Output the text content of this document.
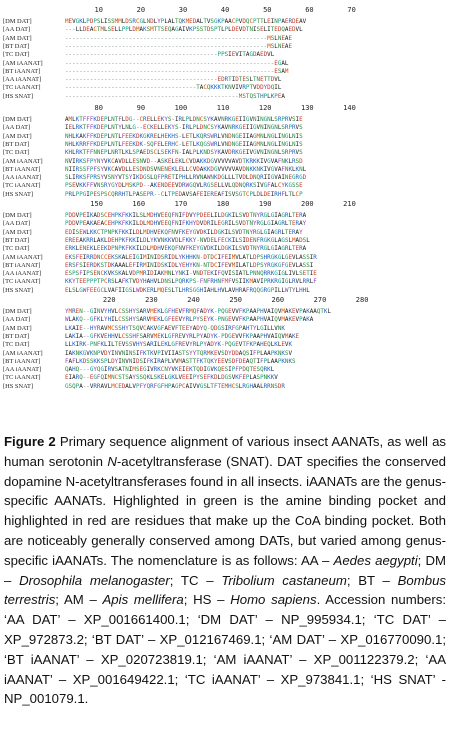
10        20        30        40        50        60        70
[DM DAT]	MEVGKLPDPSLISSMMLDSRCGLNDLYPLALTQKMEDALTVSGKPAACPVDQCPTTLEINPAERDEAV
[AA DAT]	---LLDEACTMLSELLPPLDMAKSMTTSEQAGAIVKPSSTDSPTLPLDEVDTNISELITEDQAEDVL
[AM DAT]	---------------------------------------------------------MSLNEAE
[BT DAT]	---------------------------------------------------------MSLNEAE
[TC DAT]	-------------------------------------------PPSIEVITAGDAEDVL
[AM iAANAT]	-----------------------------------------------------------EGAL
[BT iAANAT]	-----------------------------------------------------------ESAM
[AA iAANAT]	-------------------------------------------EDRTIDTESLTNETTDVL
[TC iAANAT]	-------------------------------------TACQKKKTKNVIVRPTVDDYDQIL
[HS SNAT]	-------------------------------------------------MSTQSTHPLKPEA
80        90       100       110       120       130       140
[DM DAT]	AMLKTFFFKDEPLNTFLDG--CRELLEKYS-IRLPLDNCSYKAVNRKGEIIGVNINGNLSRPRVSIE
[AA DAT]	IELRKTFFKDEPLNTYLNLG--ECKELLEKYS-IRLPLDNCSYKAVNRKGEIIGVNINGNLSRPRVS
[AM DAT]	NHLKAKFFKDEPLNTLFEEKDKGKRELHEKHS-LETLKQRSWRLVNDNGEIIAGMNLNGLINGLNIS
[BT DAT]	NHLKRRFFKDEPLNTLFEEKDK-SQFELERHC-LETLKQGSWRLVNDNGEIIAGMNLNGLINGLNIS
[TC DAT]	KHLRKTFFNNEPLNRTLKLSPAEDSCLSEKFN-IALPLKNDSYKAVDRKGEIVGVNINGNLSRPRVS
[AM iAANAT]	NVIRKSFPYNYVKCAVDLLESNVD--ASKELEKLCVDAKKDGVVVVVAVDTKRKKIVGVAFNKLRSD
[BT iAANAT]	NIIRSSFPFSYVKCAVDLLESDNDSVNENEKLELLCVDAKKDGVVVVVAVDNKKNKIVGVAFNKLKNL
[AA iAANAT]	SLIRKSFPRSYVSNYVTSYIKDGSLQFPRETIPHLLRVNAWNKDGLLLTVDLDNQRIIGVAINEGRGD
[TC iAANAT]	PSEVKKFFVNSRYGYDLMSKPD--AKENDEEVDRWGQVLRGSELLVLQDNQRKSIVGFALCYKGSSE
[HS SNAT]	PRLPPGIPESPSCQRRHTLPASEPR--CLTPEDAVSAFEIEREAFISVSGTCPLDLDEIRHFLTLCP
150       160       170       180       190       200       210
[DM DAT]	PDDVPEIKADSCEHPKFKKILSLMDHVEEQFNIFDVYPDEELILDGKILSVDTNYRGLGIAGRLTERA
[AA DAT]	PDDVPEAKAEACEHPKFKKILDLMDHVEEQFNIFKHYDVDRILEGRILSVDTNYRGLGIAGRLTERAY
[AM DAT]	EDISEWLKKCTPNPKFKKILDLMDHVEKQFNVFKEYGVDKILDGKILSVDTNYRGLGIAGRLTERAY
[BT DAT]	EREEAKRRLAKLDEHPKFKKILDLYKVNKKVDLFKKY-NVDELFECKILSIDENFRGKGLAGSLMADSL
[TC DAT]	ERKLENEKLEEKDPNPKFKKILDLMDHVEKQFNVFKEYGVDKILDGKILSVDTNYRGLGIAGRLTERA
[AM iAANAT]	EKSFEIRRDNCCEKSKALEIGIMINIDSRIDLYKHHKN-DTDCIFEIMVLATLDPSHRGKGLGEVLASSIR
[BT iAANAT]	ERSFSIERDKSTDKAAALEFIRMINIDSKIDLYEHYKN-NTDCIFEVMILATLDPSYRGKGFGEVLASSI
[AA iAANAT]	ESPSFIPSENCKVKSKALVDPMRIDIAKMNLYNKI-VNDTEKIFQVISIATLPNNQRRKGIGLIVLSETIE
[TC iAANAT]	KKYTEEPPPTPCRSLAFKTVDYHAHVLDNSLPQRKPS-FNFRHNFMFVSIIKMAVIPRKRGIGLRVLRRLF
[HS SNAT]	ELSLGWFEEGCLVAFIIGSLWDKERLMQESLTLHRSGGHIAHLHVLAVHRAFRQQGRGPILLWTYLHHL
220       230       240       250       260       270       280
[DM DAT]	YMREN--GINVYHVLCSSHYSARVMEKLGFHEVFRMQFADYK-PQGEVVFKPAAPHVAIQVMAKEVPAKAAQTKL
[AA DAT]	WLAKQ--GFKLYHILCSSHYSARVMEKLGFEEVYRLPYSEYK-PNGEVVFKPAAPHVAIQVMAKEVPAKA
[AM DAT]	LKAIE--HYRAVMCSSHYTSQVCAKVGFAEVFTEEYADYQ-QDGSIRFGPAHTYLGILLVNK
[BT DAT]	LAKIA--GFKVEHHVLCSSHFSARVMEKLGFREVYRLPYADYK-PDGEVVFKPAAPHVAIQVMAKE
[TC DAT]	LLKIRK-PNFKLILTEVSSVHYSARILEKLGFREVYRLPYADYK-PQGEVTFKPAHEQLKLEVK
[AM iAANAT]	IAKNKGVKNPVDYINVNINSIFKTKVPIVIIASTSYYTQRMKEVSDYDDAQSIFPLAAPKNKSV
[BT iAANAT]	FAFLKDSSKKSPLDYINVNIDSIFKIRAPLVVMASTTFKTQKYEEVSDFDEAQTIFPLAAPKNKS
[AA iAANAT]	QAHQ---GYQGIRVSATNIMSEGIVRKCNYVKEIEKTQDIGVKQESIPFPDQTESQRKL
[TC iAANAT]	EIARQ--EGFQIMNCSTSAYSSQKLSKELGKLVEEIPYSEFKDLDGSVKFEPLASPNKKV
[HS SNAT]	GSQPA--VRRAVLMCEDALVPFYQRFGFHPAGPCAIVVGSLTFTEMHCSLRGHAALRRNSDR
Figure 2 Primary sequence alignment of various insect AANATs, as well as human serotonin N-acetyltransferase (SNAT). DAT specifies the conserved dopamine N-acetyltransferases found in all insects. iAANATs are the genus-specific AANATs. Highlighted in green is the amine binding pocket and highlighted in red are residues that make up the CoA binding pocket. Both are noticeably generally conserved among DATs, but varied among genus-specific iAANATs. The nomenclature is as follows: AA – Aedes aegypti; DM – Drosophila melanogaster; TC – Tribolium castaneum; BT – Bombus terrestris; AM – Apis mellifera; HS – Homo sapiens. Accession numbers: ‘AA DAT’ – XP_001661400.1; ‘DM DAT’ – NP_995934.1; ‘TC DAT’ – XP_972873.2; ‘BT DAT’ – XP_012167469.1; ‘AM DAT’ – XP_016770090.1; ‘BT iAANAT’ – XP_020723819.1; ‘AM iAANAT’ – XP_001122379.2; ‘AA iAANAT’ – XP_001649422.1; ‘TC iAANAT’ – XP_973841.1; ‘HS SNAT’ - NP_001079.1.
